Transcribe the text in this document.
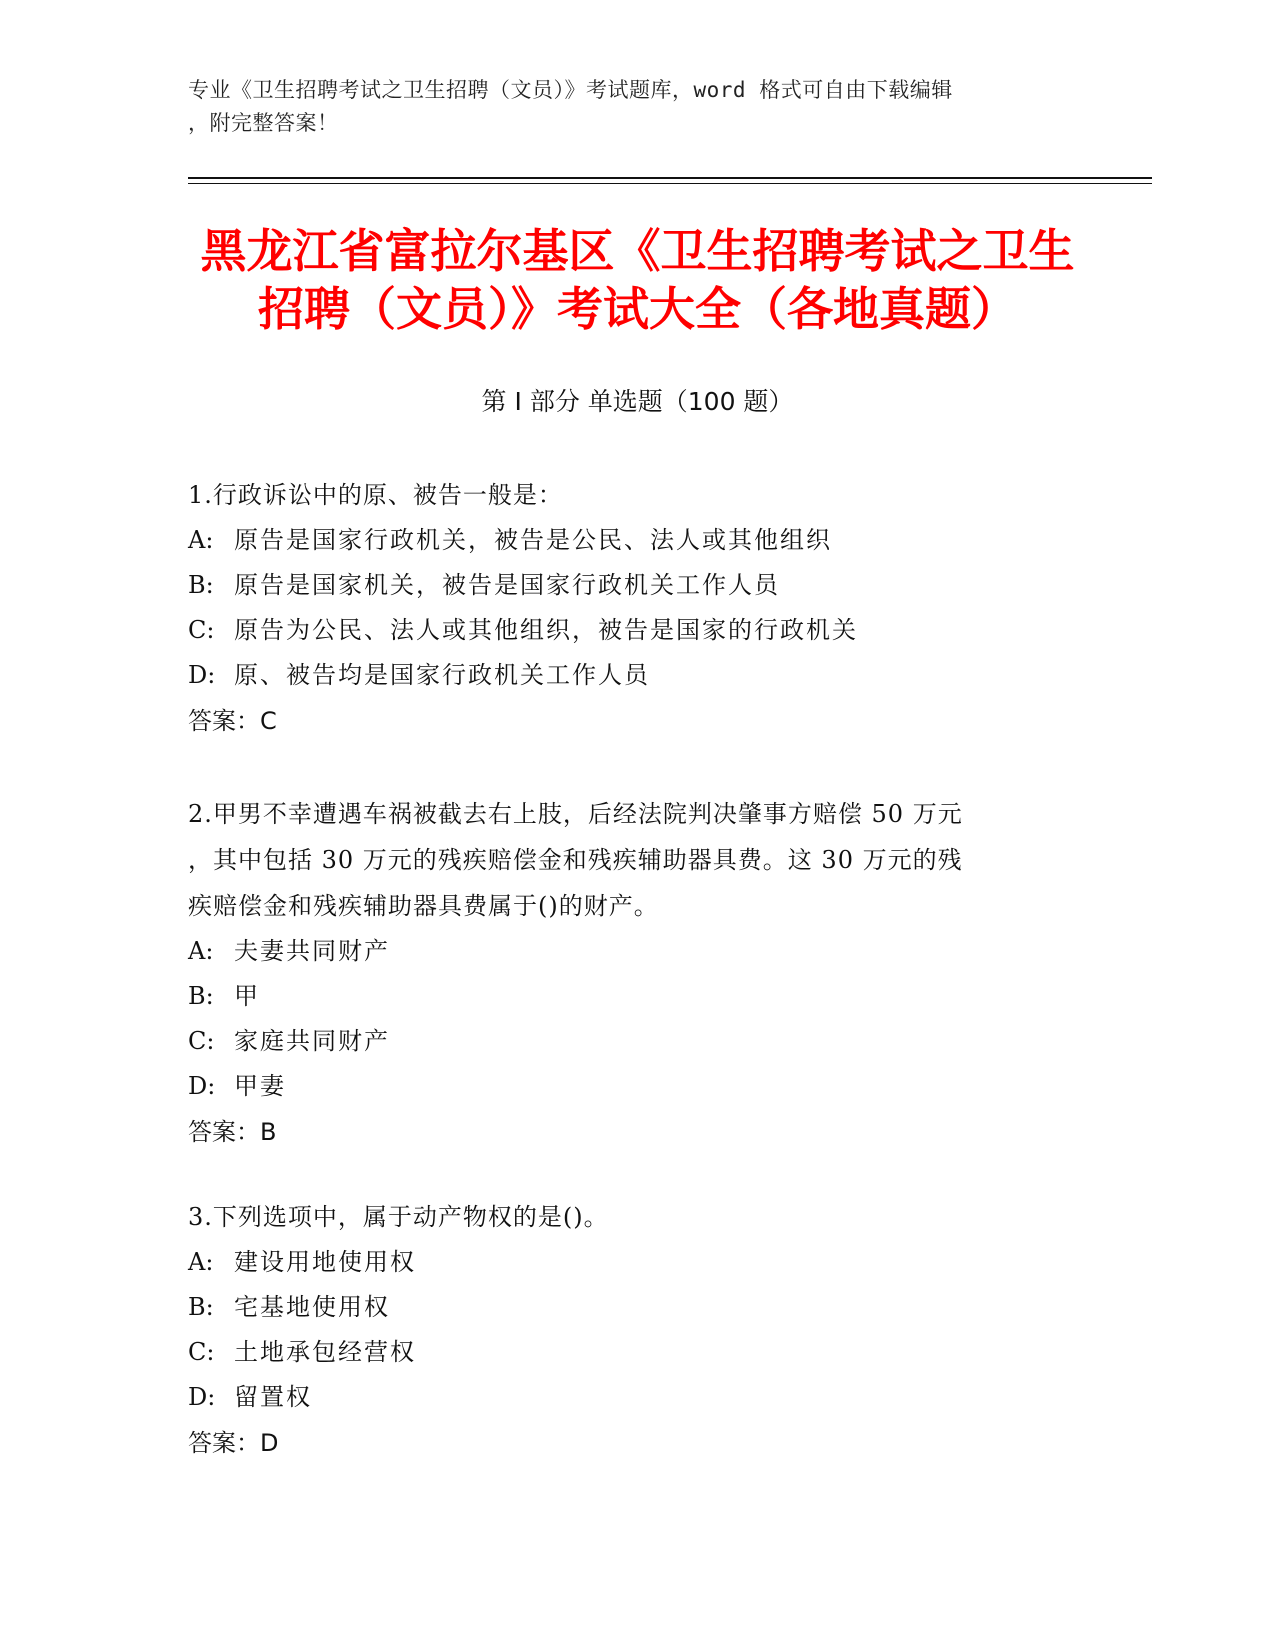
专业《卫生招聘考试之卫生招聘（文员）》考试题库，word 格式可自由下载编辑
，附完整答案！
黑龙江省富拉尔基区《卫生招聘考试之卫生
招聘（文员）》考试大全（各地真题）
第 I 部分 单选题（100 题）

1.行政诉讼中的原、被告一般是：

A: 原告是国家行政机关，被告是公民、法人或其他组织

B: 原告是国家机关，被告是国家行政机关工作人员

C: 原告为公民、法人或其他组织，被告是国家的行政机关

D: 原、被告均是国家行政机关工作人员

答案：C

2.甲男不幸遭遇车祸被截去右上肢，后经法院判决肇事方赔偿 50 万元

，其中包括 30 万元的残疾赔偿金和残疾辅助器具费。这 30 万元的残

疾赔偿金和残疾辅助器具费属于()的财产。

A: 夫妻共同财产

B: 甲

C: 家庭共同财产

D: 甲妻

答案：B

3.下列选项中，属于动产物权的是()。

A: 建设用地使用权

B: 宅基地使用权

C: 土地承包经营权

D: 留置权

答案：D
